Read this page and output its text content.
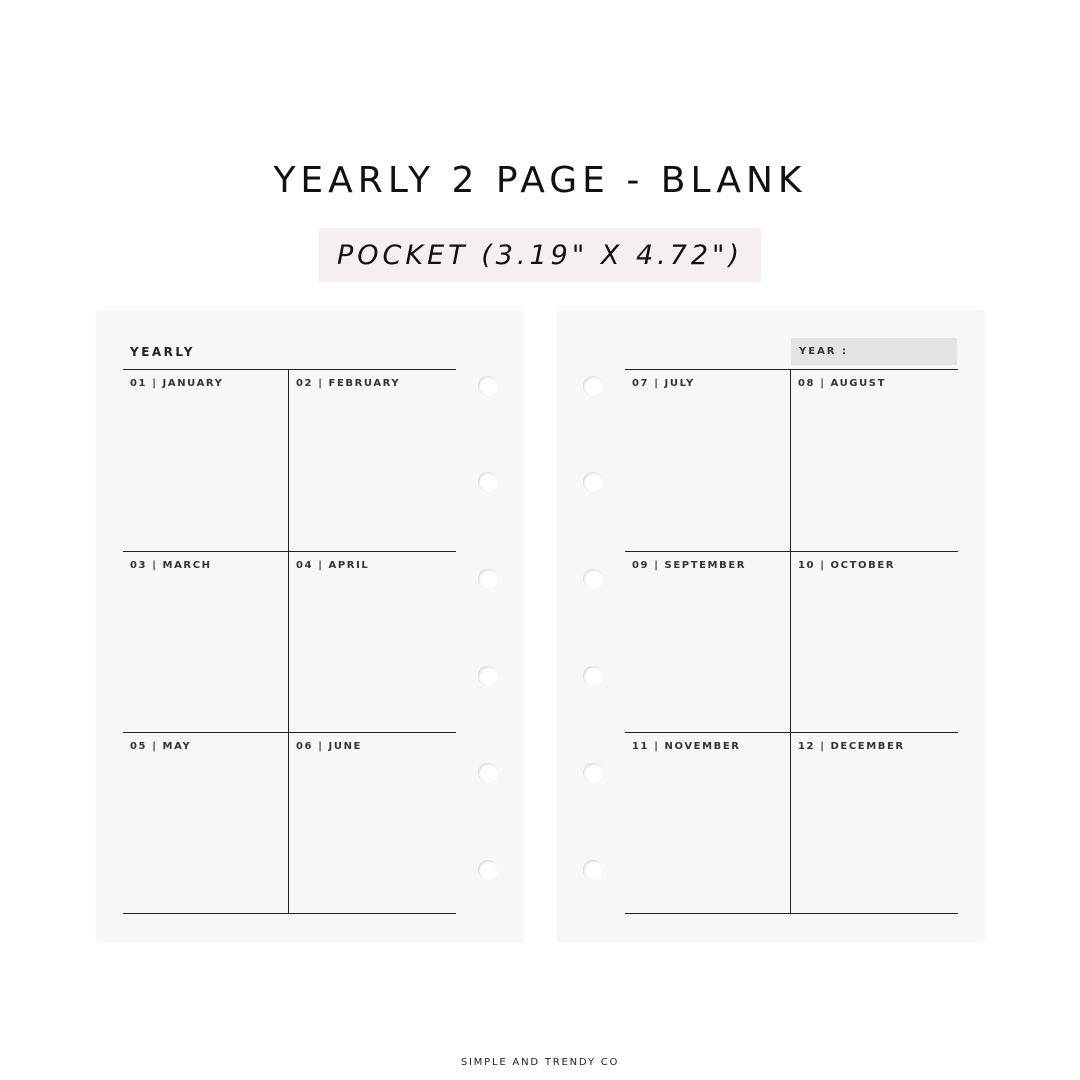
YEARLY 2 PAGE - BLANK
POCKET (3.19" X 4.72")
YEARLY
01 | JANUARY	02 | FEBRUARY
03 | MARCH	04 | APRIL
05 | MAY	06 | JUNE
YEAR :
07 | JULY	08 | AUGUST
09 | SEPTEMBER	10 | OCTOBER
11 | NOVEMBER	12 | DECEMBER
SIMPLE AND TRENDY CO
